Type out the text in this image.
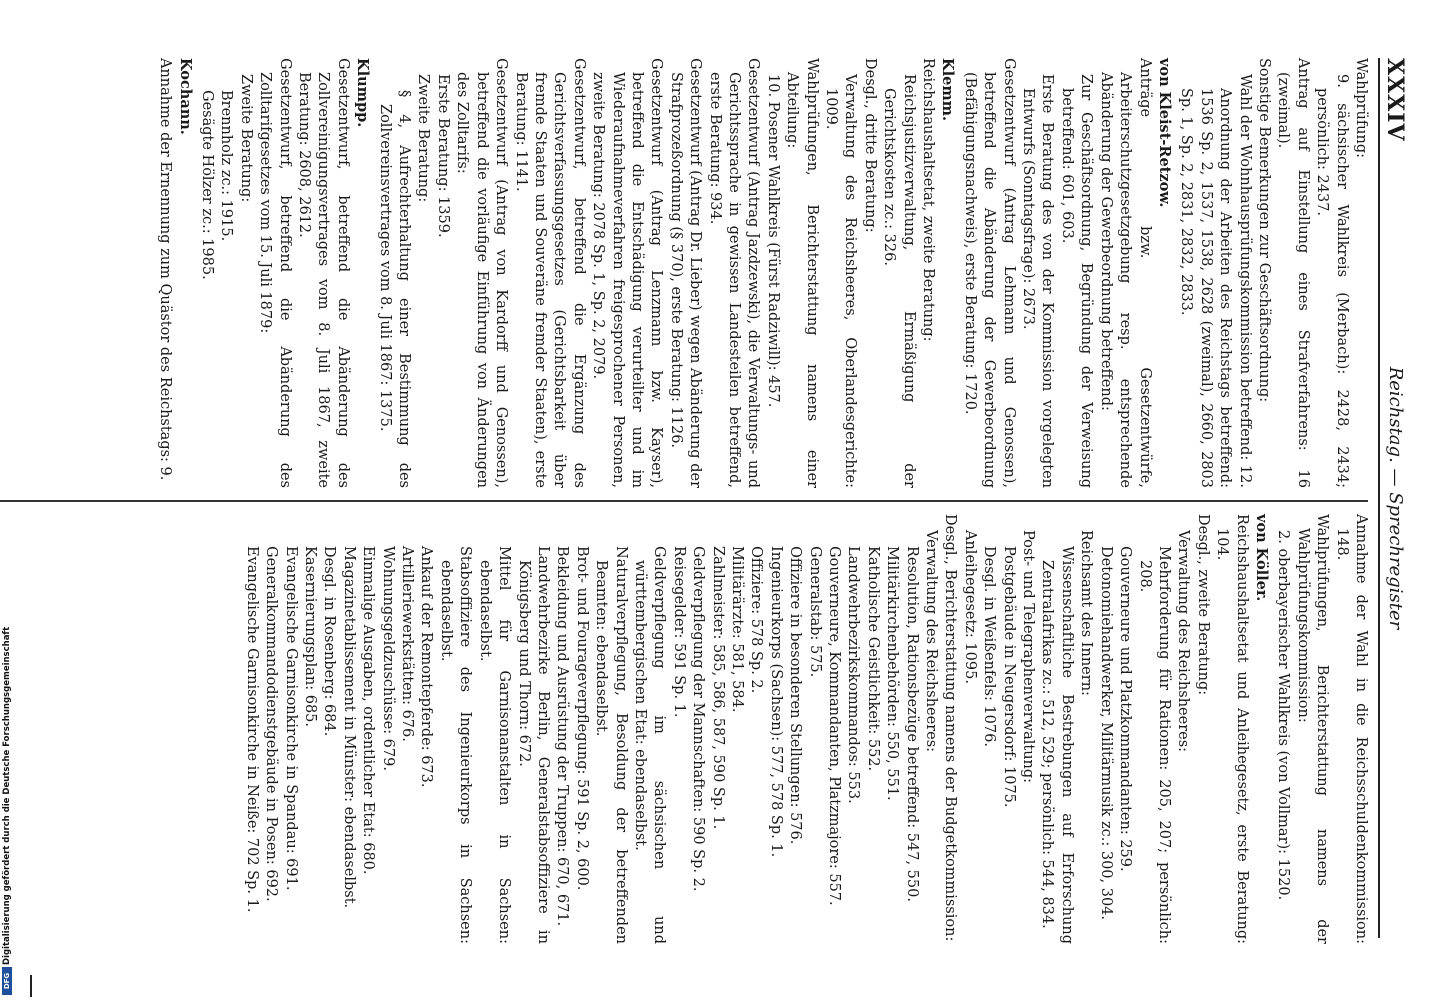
XXXIV
Reichstag. — Sprechregister

Wahlprüfung:

9. sächsischer Wahlkreis (Merbach): 2428, 2434; persönlich: 2437.

Antrag auf Einstellung eines Strafverfahrens: 16 (zweimal).

Sonstige Bemerkungen zur Geschäftsordnung:

Wahl der Wohnhausprüfungskommission betreffend: 12. Anordnung der Arbeiten des Reichstags betreffend: 1536 Sp. 2, 1537, 1538, 2628 (zweimal), 2660, 2803 Sp. 1, Sp. 2, 2831, 2832, 2833.

von Kleist-Retzow.

Anträge bzw. Gesetzentwürfe, Arbeiterschutzgesetzgebung resp. entsprechende Abänderung der Gewerbeordnung betreffend:

Zur Geschäftsordnung, Begründung der Verweisung betreffend: 601, 603.

Erste Beratung des von der Kommission vorgelegten Entwurfs (Sonntagsfrage): 2673.

Gesetzentwurf (Antrag Lehmann und Genossen), betreffend die Abänderung der Gewerbeordnung (Befähigungsnachweis), erste Beratung: 1720.

Klemm.

Reichshaushaltsetat, zweite Beratung:

Reichsjustizverwaltung, Ermäßigung der Gerichtskosten zc.: 326.

Desgl., dritte Beratung:

Verwaltung des Reichsheeres, Oberlandesgerichte: 1009.

Wahlprüfungen, Berichterstattung namens einer Abteilung:

10. Posener Wahlkreis (Fürst Radziwill): 457.

Gesetzentwurf (Antrag Jazdzewski), die Verwaltungs- und Gerichtssprache in gewissen Landesteilen betreffend, erste Beratung: 934.

Gesetzentwurf (Antrag Dr. Lieber) wegen Abänderung der Strafprozeßordnung (§ 370), erste Beratung: 1126.

Gesetzentwurf (Antrag Lenzmann bzw. Kayser), betreffend die Entschädigung verurteilter und im Wiederaufnahmeverfahren freigesprochener Personen, zweite Beratung: 2078 Sp. 1, Sp. 2, 2079.

Gesetzentwurf, betreffend die Ergänzung des Gerichtsverfassungsgesetzes (Gerichtsbarkeit über fremde Staaten und Souveräne fremder Staaten), erste Beratung: 1141.

Gesetzentwurf (Antrag von Kardorff und Genossen), betreffend die vorläufige Einführung von Änderungen des Zolltarifs:

Erste Beratung: 1359.

Zweite Beratung:

§ 4, Aufrechterhaltung einer Bestimmung des Zollvereinsvertrages vom 8. Juli 1867: 1375.

Klumpp.

Gesetzentwurf, betreffend die Abänderung des Zollvereinigungsvertrages vom 8. Juli 1867, zweite Beratung: 2608, 2612.

Gesetzentwurf, betreffend die Abänderung des Zolltarifgesetzes vom 15. Juli 1879:

Zweite Beratung:

Brennholz zc.: 1915.

Gesägte Hölzer zc.: 1985.

Kochann.

Annahme der Ernennung zum Quästor des Reichstags: 9.

Annahme der Wahl in die Reichsschuldenkommission: 148.

Wahlprüfungen, Berichterstattung namens der Wahlprüfungskommission:

2. oberbayerischer Wahlkreis (von Vollmar): 1520.

von Köller.

Reichshaushaltsetat und Anleihegesetz, erste Beratung: 104.

Desgl., zweite Beratung:

Verwaltung des Reichsheeres:

Mehrforderung für Rationen: 205, 207; persönlich: 208.

Gouverneure und Platzkommandanten: 259.

Detonomiehandwerker, Militärmusik zc.: 300, 304.

Reichsamt des Innern:

Wissenschaftliche Bestrebungen auf Erforschung Zentralafrikas zc.: 512, 529; persönlich: 544, 834.

Post- und Telegraphenverwaltung:

Postgebäude in Neugersdorf: 1075.

Desgl. in Weißenfels: 1076.

Anleihegesetz: 1095.

Desgl., Berichterstattung namens der Budgetkommission:

Verwaltung des Reichsheeres:

Resolution, Rationsbezüge betreffend: 547, 550.

Militärkirchenbehörden: 550, 551.

Katholische Geistlichkeit: 552.

Landwehrbezirkskommandos: 553.

Gouverneure, Kommandanten, Platzmajore: 557.

Generalstab: 575.

Offiziere in besonderen Stellungen: 576.

Ingenieurkorps (Sachsen): 577, 578 Sp. 1.

Offiziere: 578 Sp. 2.

Militärärzte: 581, 584.

Zahlmeister: 585, 586, 587, 590 Sp. 1.

Geldverpflegung der Mannschaften: 590 Sp. 2.

Reisegelder: 591 Sp. 1.

Geldverpflegung im sächsischen und württembergischen Etat: ebendaselbst.

Naturalverpflegung, Besoldung der betreffenden Beamten: ebendaselbst.

Brot- und Fourageverpflegung: 591 Sp. 2, 600.

Bekleidung und Ausrüstung der Truppen: 670, 671.

Landwehrbezirke Berlin, Generalstabsoffiziere in Königsberg und Thorn: 672.

Mittel für Garnisonanstalten in Sachsen: ebendaselbst.

Stabsoffiziere des Ingenieurkorps in Sachsen: ebendaselbst.

Ankauf der Remontepferde: 673.

Artilleriewerkstätten: 676.

Wohnungsgeldzuschüsse: 679.

Einmalige Ausgaben, ordentlicher Etat: 680.

Magazinetablissement in Münster: ebendaselbst.

Desgl. in Rosenberg: 684.

Kasernierungsplan: 685.

Evangelische Garnisonkirche in Spandau: 691.

Generalkommandodienstgebäude in Posen: 692.

Evangelische Garnisonkirche in Neiße: 702 Sp. 1.

Digitalisierung gefördert durch die Deutsche Forschungsgemeinschaft
DFG
